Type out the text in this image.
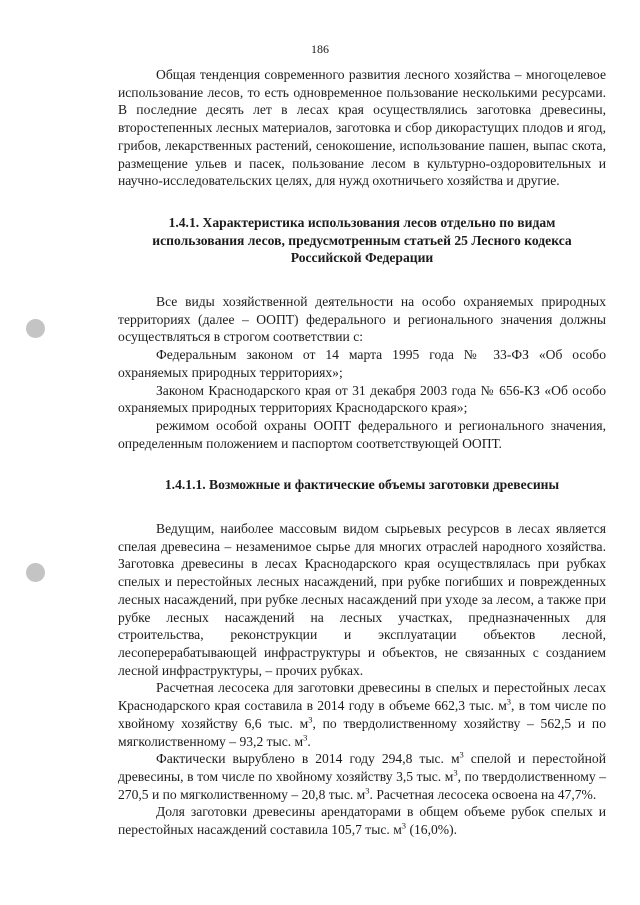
186

Общая тенденция современного развития лесного хозяйства – многоцелевое использование лесов, то есть одновременное пользование несколькими ресурсами. В последние десять лет в лесах края осуществлялись заготовка древесины, второстепенных лесных материалов, заготовка и сбор дикорастущих плодов и ягод, грибов, лекарственных растений, сенокошение, использование пашен, выпас скота, размещение ульев и пасек, пользование лесом в культурно-оздоровительных и научно-исследовательских целях, для нужд охотничьего хозяйства и другие.

1.4.1. Характеристика использования лесов отдельно по видам использования лесов, предусмотренным статьей 25 Лесного кодекса Российской Федерации

Все виды хозяйственной деятельности на особо охраняемых природных территориях (далее – ООПТ) федерального и регионального значения должны осуществляться в строгом соответствии с:

Федеральным законом от 14 марта 1995 года № 33-ФЗ «Об особо охраняемых природных территориях»;

Законом Краснодарского края от 31 декабря 2003 года № 656-КЗ «Об особо охраняемых природных территориях Краснодарского края»;

режимом особой охраны ООПТ федерального и регионального значения, определенным положением и паспортом соответствующей ООПТ.

1.4.1.1. Возможные и фактические объемы заготовки древесины

Ведущим, наиболее массовым видом сырьевых ресурсов в лесах является спелая древесина – незаменимое сырье для многих отраслей народного хозяйства. Заготовка древесины в лесах Краснодарского края осуществлялась при рубках спелых и перестойных лесных насаждений, при рубке погибших и поврежденных лесных насаждений, при рубке лесных насаждений при уходе за лесом, а также при рубке лесных насаждений на лесных участках, предназначенных для строительства, реконструкции и эксплуатации объектов лесной, лесоперерабатывающей инфраструктуры и объектов, не связанных с созданием лесной инфраструктуры, – прочих рубках.

Расчетная лесосека для заготовки древесины в спелых и перестойных лесах Краснодарского края составила в 2014 году в объеме 662,3 тыс. $м^3$, в том числе по хвойному хозяйству 6,6 тыс. $м^3$, по твердолиственному хозяйству – 562,5 и по мягколиственному – 93,2 тыс. $м^3$.

Фактически вырублено в 2014 году 294,8 тыс. $м^3$ спелой и перестойной древесины, в том числе по хвойному хозяйству 3,5 тыс. $м^3$, по твердолиственному – 270,5 и по мягколиственному – 20,8 тыс. $м^3$. Расчетная лесосека освоена на 47,7%.

Доля заготовки древесины арендаторами в общем объеме рубок спелых и перестойных насаждений составила 105,7 тыс. $м^3$ (16,0%).
